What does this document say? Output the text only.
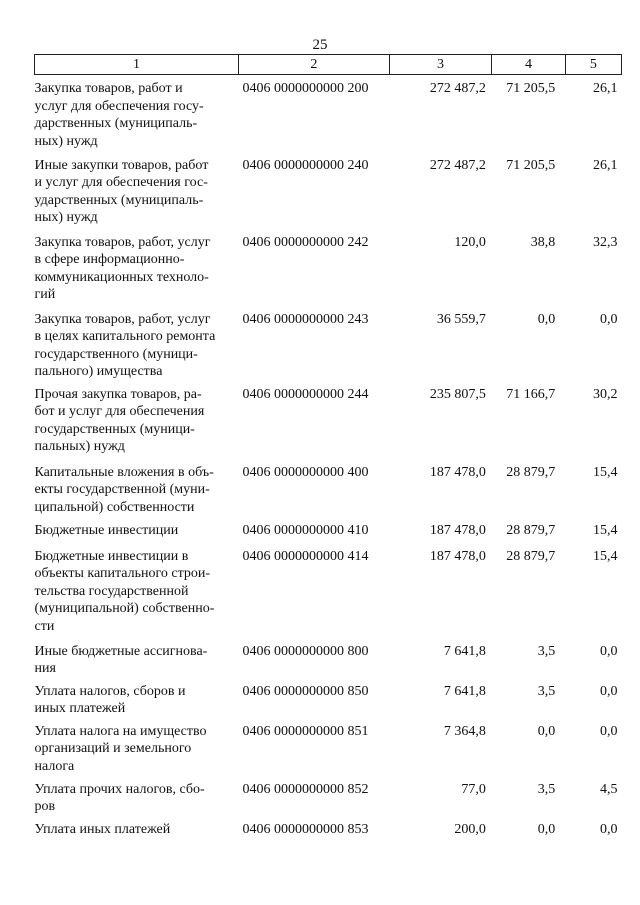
25
1	2	3	4	5
Закупка товаров, работ и
услуг для обеспечения госу-
дарственных (муниципаль-
ных) нужд	0406 0000000000 200	272 487,2	71 205,5	26,1
Иные закупки товаров, работ
и услуг для обеспечения гос-
ударственных (муниципаль-
ных) нужд	0406 0000000000 240	272 487,2	71 205,5	26,1
Закупка товаров, работ, услуг
в сфере информационно-
коммуникационных техноло-
гий	0406 0000000000 242	120,0	38,8	32,3
Закупка товаров, работ, услуг
в целях капитального ремонта
государственного (муници-
пального) имущества	0406 0000000000 243	36 559,7	0,0	0,0
Прочая закупка товаров, ра-
бот и услуг для обеспечения
государственных (муници-
пальных) нужд	0406 0000000000 244	235 807,5	71 166,7	30,2
Капитальные вложения в объ-
екты государственной (муни-
ципальной) собственности	0406 0000000000 400	187 478,0	28 879,7	15,4
Бюджетные инвестиции	0406 0000000000 410	187 478,0	28 879,7	15,4
Бюджетные инвестиции в
объекты капитального строи-
тельства государственной
(муниципальной) собственно-
сти	0406 0000000000 414	187 478,0	28 879,7	15,4
Иные бюджетные ассигнова-
ния	0406 0000000000 800	7 641,8	3,5	0,0
Уплата налогов, сборов и
иных платежей	0406 0000000000 850	7 641,8	3,5	0,0
Уплата налога на имущество
организаций и земельного
налога	0406 0000000000 851	7 364,8	0,0	0,0
Уплата прочих налогов, сбо-
ров	0406 0000000000 852	77,0	3,5	4,5
Уплата иных платежей	0406 0000000000 853	200,0	0,0	0,0
